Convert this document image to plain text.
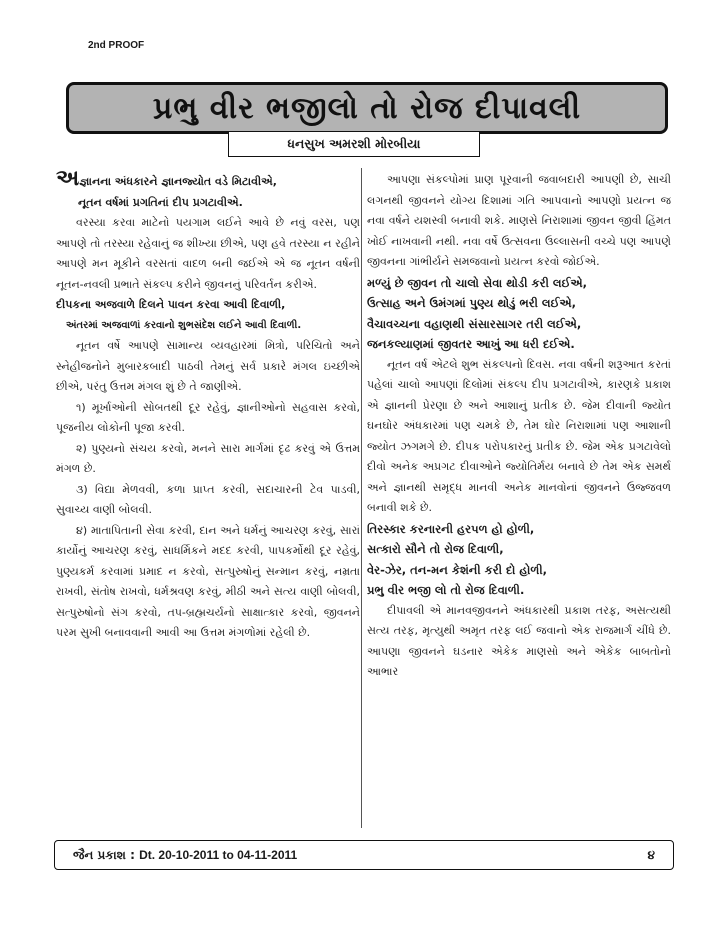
2nd PROOF
પ્રભુ વીર ભજીલો તો રોજ દીપાવલી
ધનસુખ અમરશી મોરબીયા

અજ્ઞાનના અંધકારને જ્ઞાનજ્યોત વડે મિટાવીએ,

નૂતન વર્ષમાં પ્રગતિનાં દીપ પ્રગટાવીએ.

વરસ્યા કરવા માટેનો પયગામ લઈને આવે છે નવું વરસ, પણ આપણે તો તરસ્યા રહેવાનું જ શીખ્યા છીએ, પણ હવે તરસ્યા ન રહીને આપણે મન મૂકીને વરસતાં વાદળ બની જઈએ એ જ નૂતન વર્ષની નૂતન-નવલી પ્રભાતે સંકલ્પ કરીને જીવનનું પરિવર્તન કરીએ.

દીપકના અજવાળે દિલને પાવન કરવા આવી દિવાળી,

અંતરમાં અજવાળાં કરવાનો શુભસંદેશ લઈને આવી દિવાળી.

નૂતન વર્ષે આપણે સામાન્ય વ્યવહારમાં મિત્રો, પરિચિતો અને સ્નેહીજનોને મુબારકબાદી પાઠવી તેમનું સર્વ પ્રકારે મંગલ ઇચ્છીએ છીએ, પરંતુ ઉત્તમ મંગલ શું છે તે જાણીએ.

૧) મૂર્ખાઓની સોબતથી દૂર રહેવું, જ્ઞાનીઓનો સહવાસ કરવો, પૂજનીય લોકોની પૂજા કરવી.

૨) પુણ્યનો સંચય કરવો, મનને સારા માર્ગમાં દૃઢ કરવું એ ઉત્તમ મંગળ છે.

૩) વિદ્યા મેળવવી, કળા પ્રાપ્ત કરવી, સદાચારની ટેવ પાડવી, સુવાચ્ય વાણી બોલવી.

૪) માતાપિતાની સેવા કરવી, દાન અને ધર્મનું આચરણ કરવું, સારાં કાર્યોનું આચરણ કરવું, સાધર્મિકને મદદ કરવી, પાપકર્મોથી દૂર રહેવું, પુણ્યકર્મ કરવામાં પ્રમાદ ન કરવો, સત્પુરુષોનું સન્માન કરવું, નમ્રતા રાખવી, સંતોષ રાખવો, ધર્મશ્રવણ કરવું, મીઠી અને સત્ય વાણી બોલવી, સત્પુરુષોનો સંગ કરવો, તપ-બ્રહ્મચર્યનો સાક્ષાત્કાર કરવો, જીવનને પરમ સુખી બનાવવાની આવી આ ઉત્તમ મંગળોમાં રહેલી છે.

આપણા સંકલ્પોમાં પ્રાણ પૂરવાની જવાબદારી આપણી છે, સાચી લગનથી જીવનને યોગ્ય દિશામાં ગતિ આપવાનો આપણો પ્રયત્ન જ નવા વર્ષને યશસ્વી બનાવી શકે. માણસે નિરાશામાં જીવન જીવી હિંમત ખોઈ નાખવાની નથી. નવા વર્ષે ઉત્સવના ઉલ્લાસની વચ્ચે પણ આપણે જીવનના ગાંભીર્યને સમજવાનો પ્રયત્ન કરવો જોઈએ.

મળ્યું છે જીવન તો ચાલો સેવા થોડી કરી લઈએ,

ઉત્સાહ અને ઉમંગમાં પુણ્ય થોડું ભરી લઈએ,

વૈચાવચ્ચના વહાણથી સંસારસાગર તરી લઈએ,

જનકલ્યાણમાં જીવતર આખું આ ધરી દઈએ.

નૂતન વર્ષ એટલે શુભ સંકલ્પનો દિવસ. નવા વર્ષની શરૂઆત કરતાં પહેલાં ચાલો આપણાં દિલોમાં સંકલ્પ દીપ પ્રગટાવીએ, કારણકે પ્રકાશ એ જ્ઞાનની પ્રેરણા છે અને આશાનું પ્રતીક છે. જેમ દીવાની જ્યોત ઘનઘોર અંધકારમાં પણ ચમકે છે, તેમ ઘોર નિરાશામાં પણ આશાની જ્યોત ઝગમગે છે. દીપક પરોપકારનું પ્રતીક છે. જેમ એક પ્રગટાવેલો દીવો અનેક અપ્રગટ દીવાઓને જ્યોતિર્મય બનાવે છે તેમ એક સમર્થ અને જ્ઞાનથી સમૃદ્ધ માનવી અનેક માનવોનાં જીવનને ઉજ્જવળ બનાવી શકે છે.

તિરસ્કાર કરનારની હરપળ હો હોળી,

સત્કારો સૌને તો રોજ દિવાળી,

વેર-ઝેર, તન-મન કેશંની કરી દો હોળી,

પ્રભુ વીર ભજી લો તો રોજ દિવાળી.

દીપાવલી એ માનવજીવનને અંધકારથી પ્રકાશ તરફ, અસત્યથી સત્ય તરફ, મૃત્યુથી અમૃત તરફ લઈ જવાનો એક રાજમાર્ગ ચીંધે છે. આપણા જીવનને ઘડનાર એકેક માણસો અને એકેક બાબતોનો આભાર

જૈન પ્રકાશ : Dt. 20-10-2011 to 04-11-2011	૪
